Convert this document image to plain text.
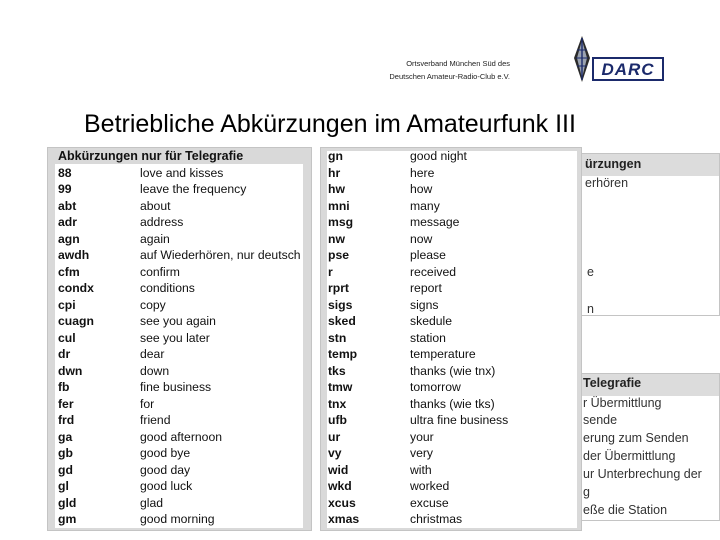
Ortsverband München Süd des
Deutschen Amateur-Radio-Club e.V.	DARC
Betriebliche Abkürzungen im Amateurfunk III
ürzungen
erhören
e
n
Telegrafie
r Übermittlung
sende
erung zum Senden
der Übermittlung
ur Unterbrechung der
g
eße die Station
Abkürzungen nur für Telegrafie
88	love and kisses
99	leave the frequency
abt	about
adr	address
agn	again
awdh	auf Wiederhören, nur deutsch
cfm	confirm
condx	conditions
cpi	copy
cuagn	see you again
cul	see you later
dr	dear
dwn	down
fb	fine business
fer	for
frd	friend
ga	good afternoon
gb	good bye
gd	good day
gl	good luck
gld	glad
gm	good morning
gn	good night
hr	here
hw	how
mni	many
msg	message
nw	now
pse	please
r	received
rprt	report
sigs	signs
sked	skedule
stn	station
temp	temperature
tks	thanks (wie tnx)
tmw	tomorrow
tnx	thanks (wie tks)
ufb	ultra fine business
ur	your
vy	very
wid	with
wkd	worked
xcus	excuse
xmas	christmas
